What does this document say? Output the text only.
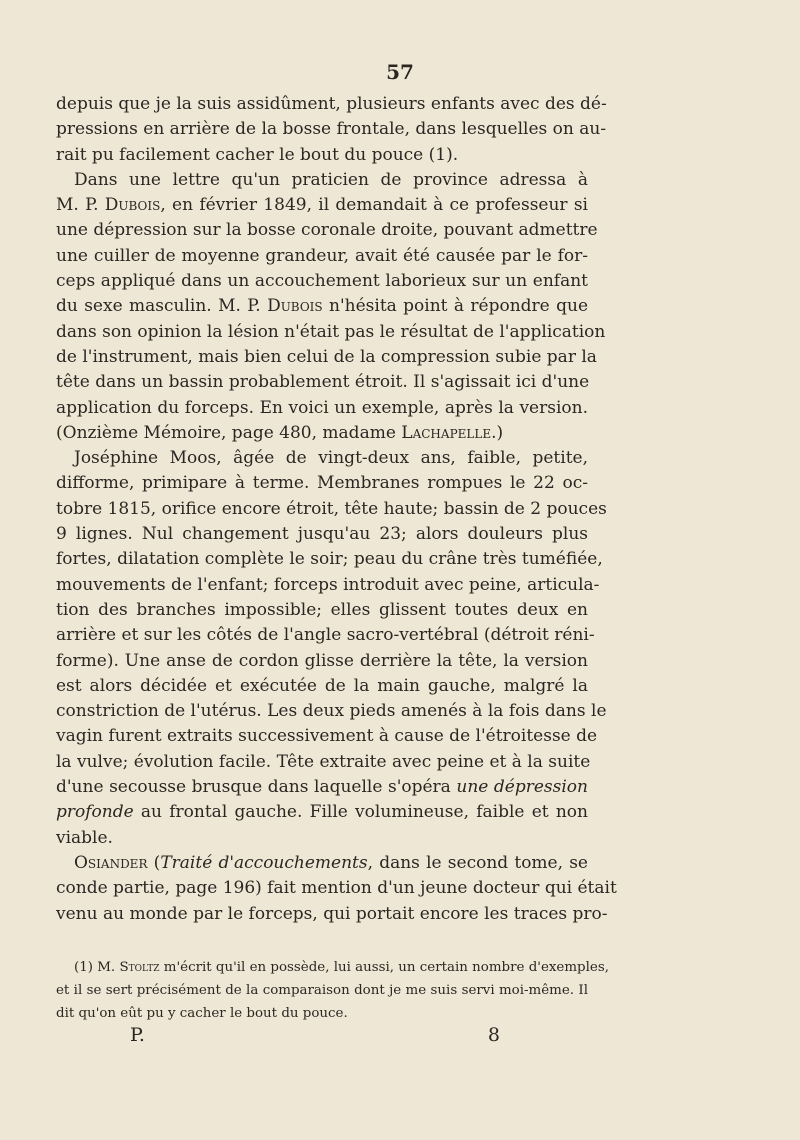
57
depuis que je la suis assidûment, plusieurs enfants avec des dé-
pressions en arrière de la bosse frontale, dans lesquelles on au-
rait pu facilement cacher le bout du pouce (1).
Dans une lettre qu'un praticien de province adressa à
M. P. Dubois, en février 1849, il demandait à ce professeur si
une dépression sur la bosse coronale droite, pouvant admettre
une cuiller de moyenne grandeur, avait été causée par le for-
ceps appliqué dans un accouchement laborieux sur un enfant
du sexe masculin. M. P. Dubois n'hésita point à répondre que
dans son opinion la lésion n'était pas le résultat de l'application
de l'instrument, mais bien celui de la compression subie par la
tête dans un bassin probablement étroit. Il s'agissait ici d'une
application du forceps. En voici un exemple, après la version.
(Onzième Mémoire, page 480, madame Lachapelle.)
Joséphine Moos, âgée de vingt-deux ans, faible, petite,
difforme, primipare à terme. Membranes rompues le 22 oc-
tobre 1815, orifice encore étroit, tête haute; bassin de 2 pouces
9 lignes. Nul changement jusqu'au 23; alors douleurs plus
fortes, dilatation complète le soir; peau du crâne très tuméfiée,
mouvements de l'enfant; forceps introduit avec peine, articula-
tion des branches impossible; elles glissent toutes deux en
arrière et sur les côtés de l'angle sacro-vertébral (détroit réni-
forme). Une anse de cordon glisse derrière la tête, la version
est alors décidée et exécutée de la main gauche, malgré la
constriction de l'utérus. Les deux pieds amenés à la fois dans le
vagin furent extraits successivement à cause de l'étroitesse de
la vulve; évolution facile. Tête extraite avec peine et à la suite
d'une secousse brusque dans laquelle s'opéra une dépression
profonde au frontal gauche. Fille volumineuse, faible et non
viable.
Osiander (Traité d'accouchements, dans le second tome, se
conde partie, page 196) fait mention d'un jeune docteur qui était
venu au monde par le forceps, qui portait encore les traces pro-
(1) M. Stoltz m'écrit qu'il en possède, lui aussi, un certain nombre d'exemples,
et il se sert précisément de la comparaison dont je me suis servi moi-même. Il
dit qu'on eût pu y cacher le bout du pouce.
P.	8
